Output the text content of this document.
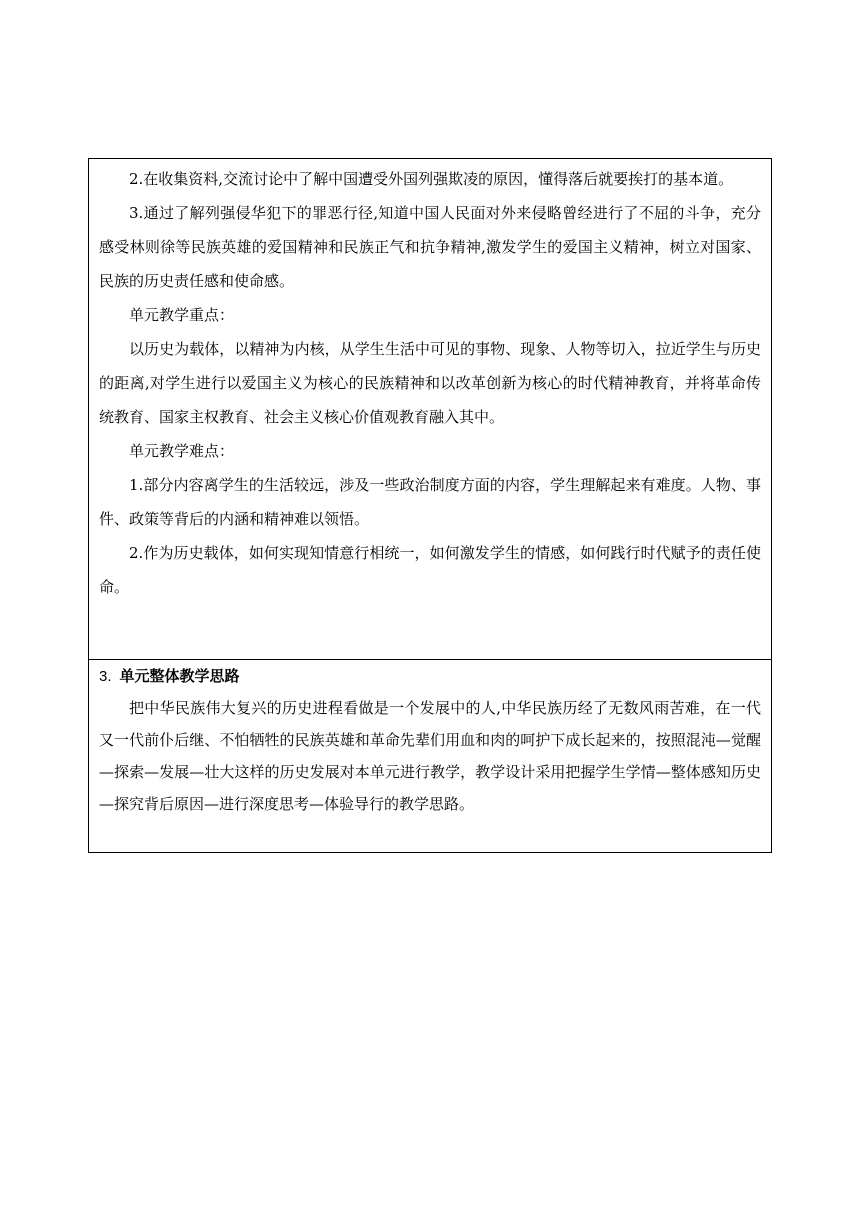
2.在收集资料,交流讨论中了解中国遭受外国列强欺凌的原因，懂得落后就要挨打的基本道。

3.通过了解列强侵华犯下的罪恶行径,知道中国人民面对外来侵略曾经进行了不屈的斗争，充分感受林则徐等民族英雄的爱国精神和民族正气和抗争精神,激发学生的爱国主义精神，树立对国家、民族的历史责任感和使命感。

单元教学重点：

以历史为载体，以精神为内核，从学生生活中可见的事物、现象、人物等切入，拉近学生与历史的距离,对学生进行以爱国主义为核心的民族精神和以改革创新为核心的时代精神教育，并将革命传统教育、国家主权教育、社会主义核心价值观教育融入其中。

单元教学难点：

1.部分内容离学生的生活较远，涉及一些政治制度方面的内容，学生理解起来有难度。人物、事件、政策等背后的内涵和精神难以领悟。

2.作为历史载体，如何实现知情意行相统一，如何激发学生的情感，如何践行时代赋予的责任使命。

3. 单元整体教学思路

把中华民族伟大复兴的历史进程看做是一个发展中的人,中华民族历经了无数风雨苦难，在一代又一代前仆后继、不怕牺牲的民族英雄和革命先辈们用血和肉的呵护下成长起来的，按照混沌—觉醒—探索—发展—壮大这样的历史发展对本单元进行教学，教学设计采用把握学生学情—整体感知历史—探究背后原因—进行深度思考—体验导行的教学思路。
